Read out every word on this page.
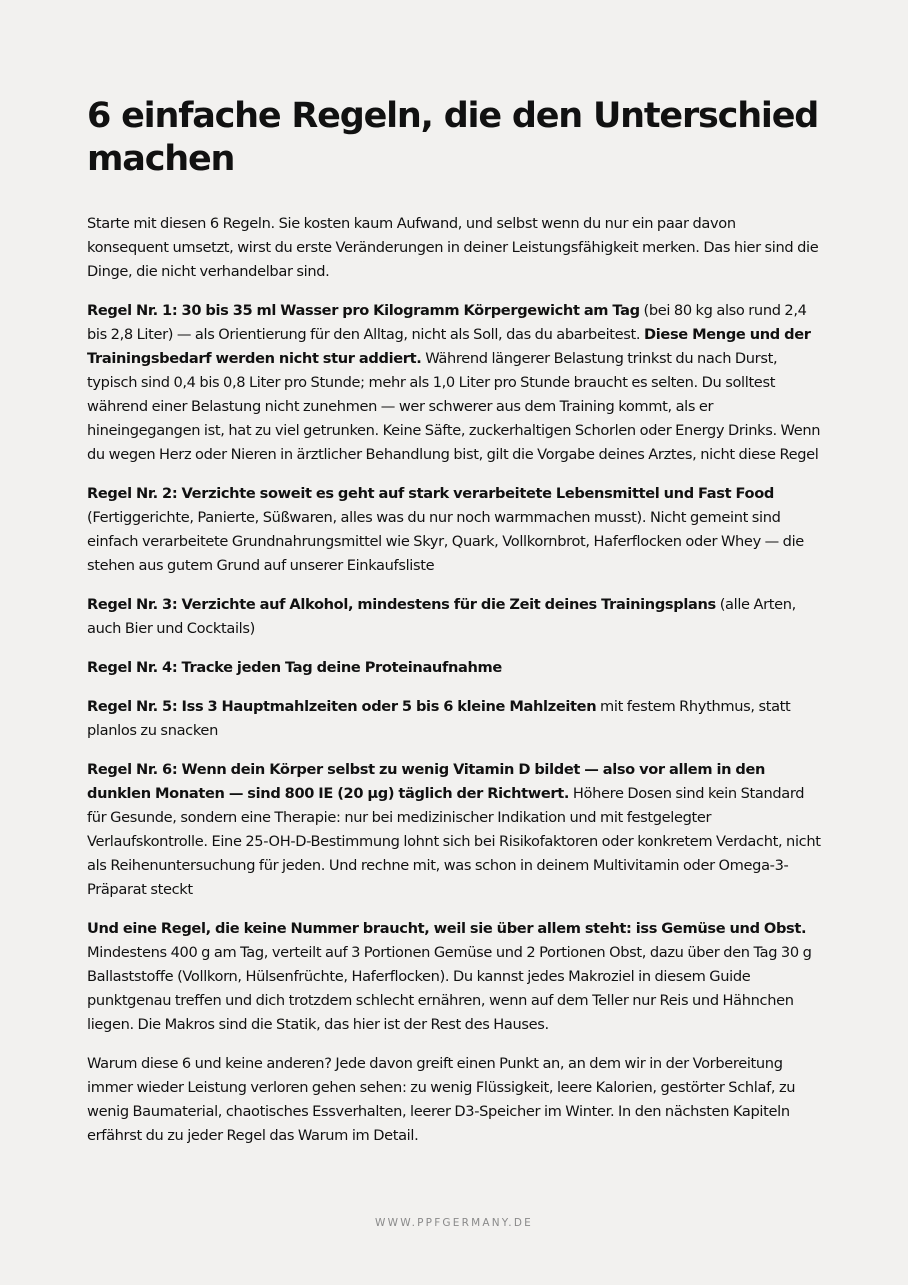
6 einfache Regeln, die den Unterschied machen

Starte mit diesen 6 Regeln. Sie kosten kaum Aufwand, und selbst wenn du nur ein paar davon konsequent umsetzt, wirst du erste Veränderungen in deiner Leistungsfähigkeit merken. Das hier sind die Dinge, die nicht verhandelbar sind.

Regel Nr. 1: 30 bis 35 ml Wasser pro Kilogramm Körpergewicht am Tag (bei 80 kg also rund 2,4 bis 2,8 Liter) — als Orientierung für den Alltag, nicht als Soll, das du abarbeitest. Diese Menge und der Trainingsbedarf werden nicht stur addiert. Während längerer Belastung trinkst du nach Durst, typisch sind 0,4 bis 0,8 Liter pro Stunde; mehr als 1,0 Liter pro Stunde braucht es selten. Du solltest während einer Belastung nicht zunehmen — wer schwerer aus dem Training kommt, als er hineingegangen ist, hat zu viel getrunken. Keine Säfte, zuckerhaltigen Schorlen oder Energy Drinks. Wenn du wegen Herz oder Nieren in ärztlicher Behandlung bist, gilt die Vorgabe deines Arztes, nicht diese Regel

Regel Nr. 2: Verzichte soweit es geht auf stark verarbeitete Lebensmittel und Fast Food (Fertiggerichte, Panierte, Süßwaren, alles was du nur noch warmmachen musst). Nicht gemeint sind einfach verarbeitete Grundnahrungsmittel wie Skyr, Quark, Vollkornbrot, Haferflocken oder Whey — die stehen aus gutem Grund auf unserer Einkaufsliste

Regel Nr. 3: Verzichte auf Alkohol, mindestens für die Zeit deines Trainingsplans (alle Arten, auch Bier und Cocktails)

Regel Nr. 4: Tracke jeden Tag deine Proteinaufnahme

Regel Nr. 5: Iss 3 Hauptmahlzeiten oder 5 bis 6 kleine Mahlzeiten mit festem Rhythmus, statt planlos zu snacken

Regel Nr. 6: Wenn dein Körper selbst zu wenig Vitamin D bildet — also vor allem in den dunklen Monaten — sind 800 IE (20 µg) täglich der Richtwert. Höhere Dosen sind kein Standard für Gesunde, sondern eine Therapie: nur bei medizinischer Indikation und mit festgelegter Verlaufskontrolle. Eine 25-OH-D-Bestimmung lohnt sich bei Risikofaktoren oder konkretem Verdacht, nicht als Reihenuntersuchung für jeden. Und rechne mit, was schon in deinem Multivitamin oder Omega-3-Präparat steckt

Und eine Regel, die keine Nummer braucht, weil sie über allem steht: iss Gemüse und Obst. Mindestens 400 g am Tag, verteilt auf 3 Portionen Gemüse und 2 Portionen Obst, dazu über den Tag 30 g Ballaststoffe (Vollkorn, Hülsenfrüchte, Haferflocken). Du kannst jedes Makroziel in diesem Guide punktgenau treffen und dich trotzdem schlecht ernähren, wenn auf dem Teller nur Reis und Hähnchen liegen. Die Makros sind die Statik, das hier ist der Rest des Hauses.

Warum diese 6 und keine anderen? Jede davon greift einen Punkt an, an dem wir in der Vorbereitung immer wieder Leistung verloren gehen sehen: zu wenig Flüssigkeit, leere Kalorien, gestörter Schlaf, zu wenig Baumaterial, chaotisches Essverhalten, leerer D3-Speicher im Winter. In den nächsten Kapiteln erfährst du zu jeder Regel das Warum im Detail.

WWW.PPFGERMANY.DE
